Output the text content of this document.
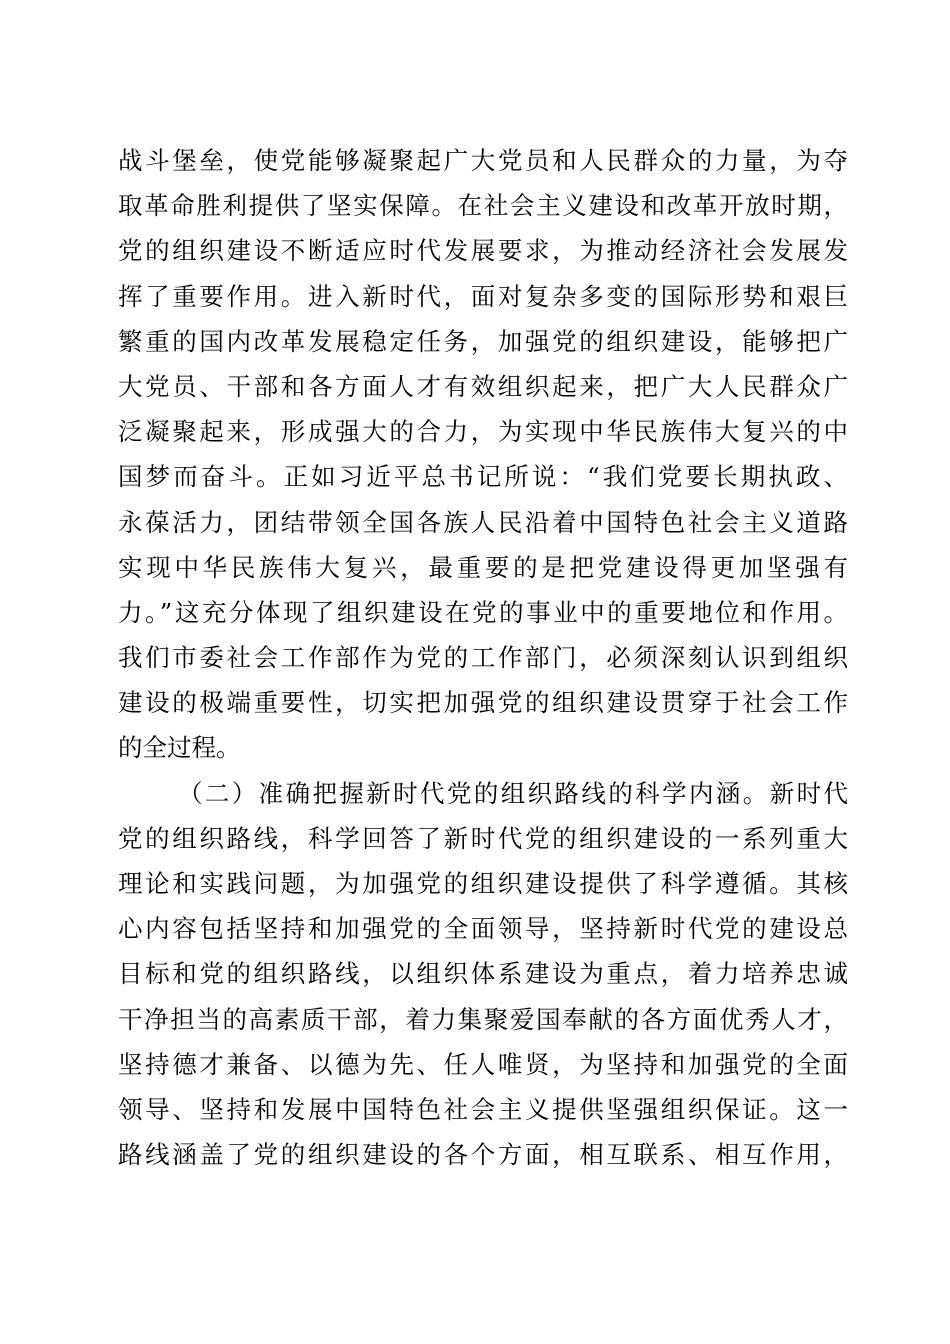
战斗堡垒，使党能够凝聚起广大党员和人民群众的力量，为夺
取革命胜利提供了坚实保障。在社会主义建设和改革开放时期，
党的组织建设不断适应时代发展要求，为推动经济社会发展发
挥了重要作用。进入新时代，面对复杂多变的国际形势和艰巨
繁重的国内改革发展稳定任务，加强党的组织建设，能够把广
大党员、干部和各方面人才有效组织起来，把广大人民群众广
泛凝聚起来，形成强大的合力，为实现中华民族伟大复兴的中
国梦而奋斗。正如习近平总书记所说：“我们党要长期执政、
永葆活力，团结带领全国各族人民沿着中国特色社会主义道路
实现中华民族伟大复兴，最重要的是把党建设得更加坚强有
力。”这充分体现了组织建设在党的事业中的重要地位和作用。
我们市委社会工作部作为党的工作部门，必须深刻认识到组织
建设的极端重要性，切实把加强党的组织建设贯穿于社会工作
的全过程。
（二）准确把握新时代党的组织路线的科学内涵。新时代
党的组织路线，科学回答了新时代党的组织建设的一系列重大
理论和实践问题，为加强党的组织建设提供了科学遵循。其核
心内容包括坚持和加强党的全面领导，坚持新时代党的建设总
目标和党的组织路线，以组织体系建设为重点，着力培养忠诚
干净担当的高素质干部，着力集聚爱国奉献的各方面优秀人才，
坚持德才兼备、以德为先、任人唯贤，为坚持和加强党的全面
领导、坚持和发展中国特色社会主义提供坚强组织保证。这一
路线涵盖了党的组织建设的各个方面，相互联系、相互作用，
